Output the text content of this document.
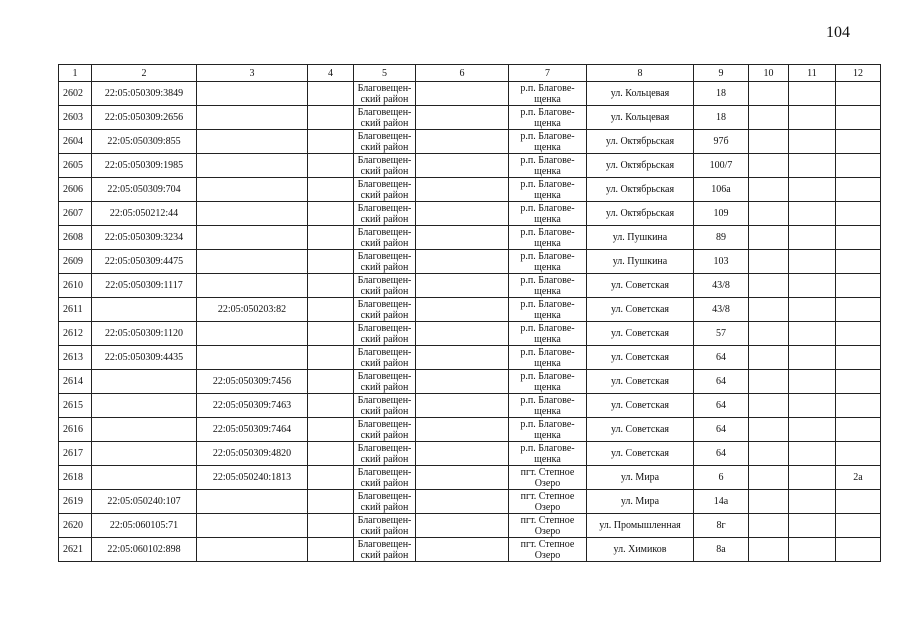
104
1	2	3	4	5	6	7	8	9	10	11	12
2602	22:05:050309:3849			Благовещен-ский район		р.п. Благове-щенка	ул. Кольцевая	18			
2603	22:05:050309:2656			Благовещен-ский район		р.п. Благове-щенка	ул. Кольцевая	18			
2604	22:05:050309:855			Благовещен-ский район		р.п. Благове-щенка	ул. Октябрьская	97б			
2605	22:05:050309:1985			Благовещен-ский район		р.п. Благове-щенка	ул. Октябрьская	100/7			
2606	22:05:050309:704			Благовещен-ский район		р.п. Благове-щенка	ул. Октябрьская	106а			
2607	22:05:050212:44			Благовещен-ский район		р.п. Благове-щенка	ул. Октябрьская	109			
2608	22:05:050309:3234			Благовещен-ский район		р.п. Благове-щенка	ул. Пушкина	89			
2609	22:05:050309:4475			Благовещен-ский район		р.п. Благове-щенка	ул. Пушкина	103			
2610	22:05:050309:1117			Благовещен-ский район		р.п. Благове-щенка	ул. Советская	43/8			
2611		22:05:050203:82		Благовещен-ский район		р.п. Благове-щенка	ул. Советская	43/8			
2612	22:05:050309:1120			Благовещен-ский район		р.п. Благове-щенка	ул. Советская	57			
2613	22:05:050309:4435			Благовещен-ский район		р.п. Благове-щенка	ул. Советская	64			
2614		22:05:050309:7456		Благовещен-ский район		р.п. Благове-щенка	ул. Советская	64			
2615		22:05:050309:7463		Благовещен-ский район		р.п. Благове-щенка	ул. Советская	64			
2616		22:05:050309:7464		Благовещен-ский район		р.п. Благове-щенка	ул. Советская	64			
2617		22:05:050309:4820		Благовещен-ский район		р.п. Благове-щенка	ул. Советская	64			
2618		22:05:050240:1813		Благовещен-ский район		пгт. Степное Озеро	ул. Мира	6			2а
2619	22:05:050240:107			Благовещен-ский район		пгт. Степное Озеро	ул. Мира	14а			
2620	22:05:060105:71			Благовещен-ский район		пгт. Степное Озеро	ул. Промышленная	8г			
2621	22:05:060102:898			Благовещен-ский район		пгт. Степное Озеро	ул. Химиков	8а			
